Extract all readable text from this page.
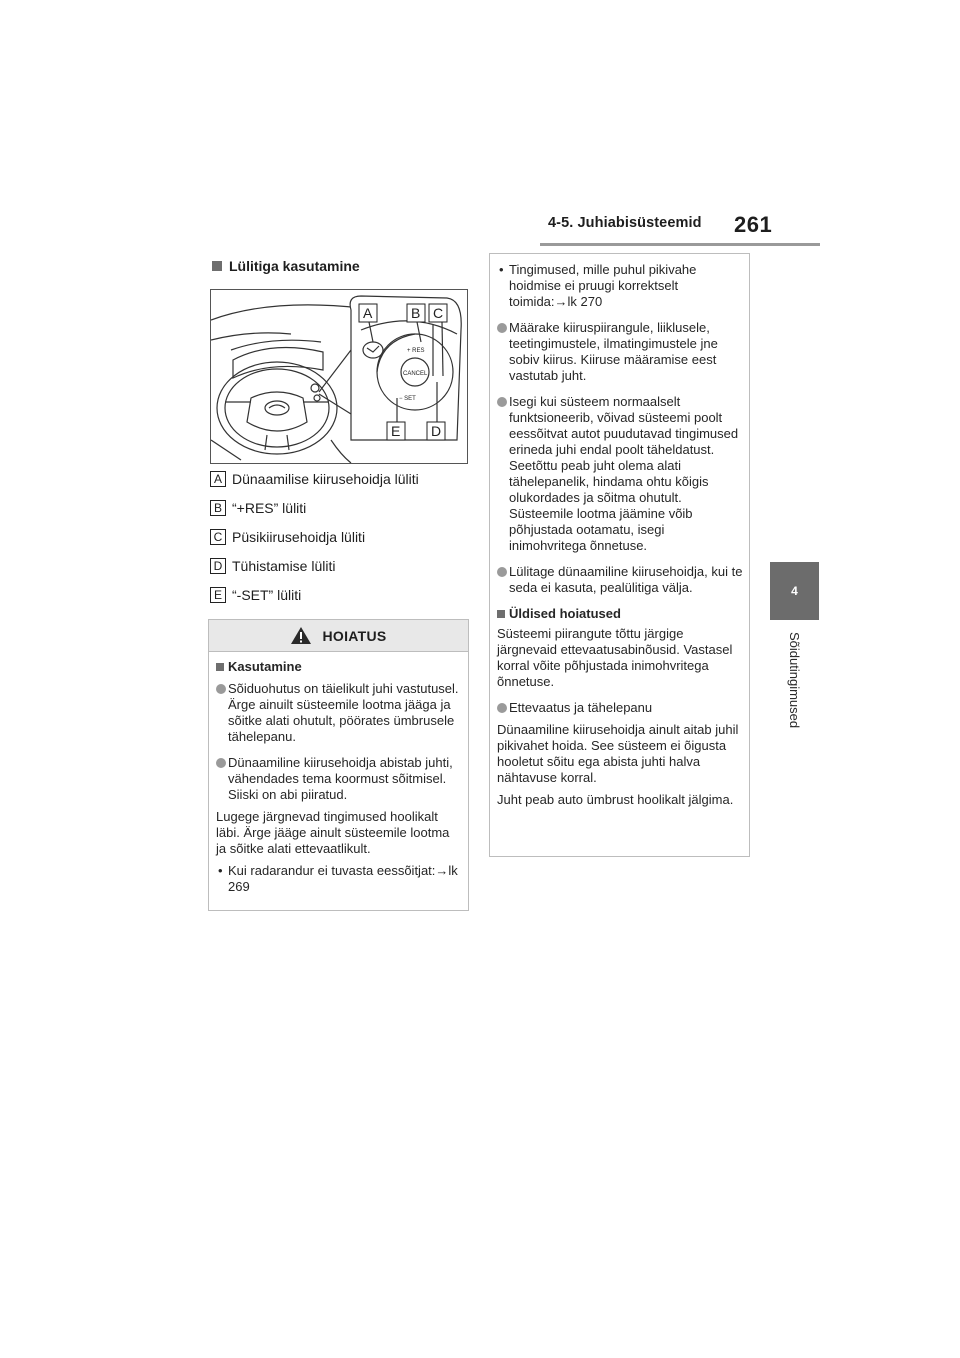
4-5. Juhiabisüsteemid 261
4
Sõidutingimused
Lülitiga kasutamine
A	B C
E D
+ RES
CANCEL
− SET
A Dünaamilise kiirusehoidja lüliti
B “+RES” lüliti
C Püsikiirusehoidja lüliti
D Tühistamise lüliti
E “-SET” lüliti
HOIATUS
Kasutamine
Sõiduohutus on täielikult juhi vastutusel. Ärge ainuilt süsteemile lootma jääga ja sõitke alati ohutult, pöörates ümbrusele tähelepanu.
Dünaamiline kiirusehoidja abistab juhti, vähendades tema koormust sõitmisel. Siiski on abi piiratud.

Lugege järgnevad tingimused hoolikalt läbi. Ärge jääge ainult süsteemile lootma ja sõitke alati ettevaatlikult.

• Kui radarandur ei tuvasta eessõitjat:→lk 269
• Tingimused, mille puhul pikivahe hoidmise ei pruugi korrektselt toimida:→lk 270
Määrake kiiruspiirangule, liiklusele, teetingimustele, ilmatingimustele jne sobiv kiirus. Kiiruse määramise eest vastutab juht.
Isegi kui süsteem normaalselt funktsioneerib, võivad süsteemi poolt eessõitvat autot puudutavad tingimused erineda juhi endal poolt täheldatust. Seetõttu peab juht olema alati tähelepanelik, hindama ohtu kõigis olukordades ja sõitma ohutult. Süsteemile lootma jäämine võib põhjustada ootamatu, isegi inimohvritega õnnetuse.
Lülitage dünaamiline kiirusehoidja, kui te seda ei kasuta, pealülitiga välja.
Üldised hoiatused

Süsteemi piirangute tõttu järgige järgnevaid ettevaatusabinõusid. Vastasel korral võite põhjustada inimohvritega õnnetuse.

Ettevaatus ja tähelepanu

Dünaamiline kiirusehoidja ainult aitab juhil pikivahet hoida. See süsteem ei õigusta hooletut sõitu ega abista juhti halva nähtavuse korral.

Juht peab auto ümbrust hoolikalt jälgima.
